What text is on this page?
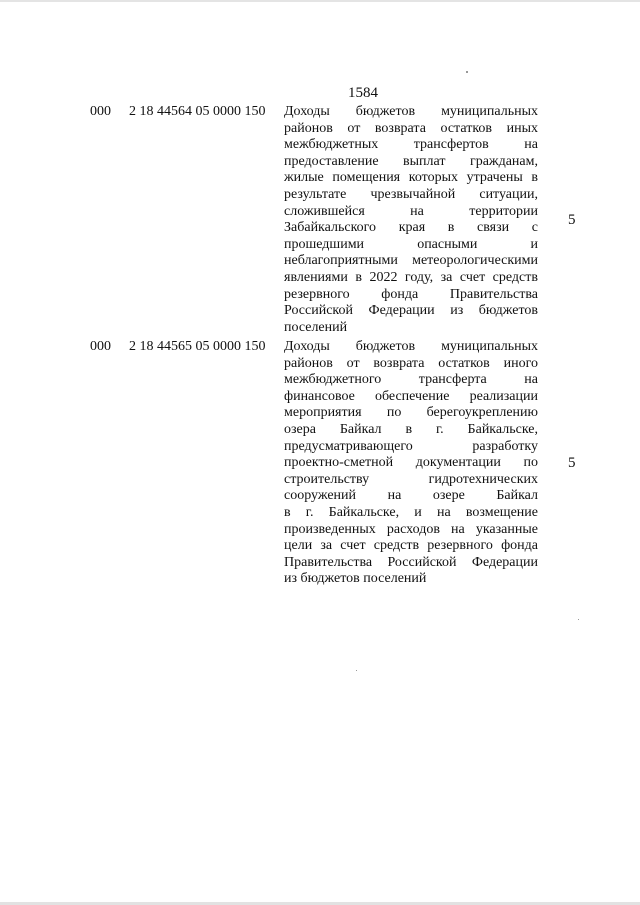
1584
000 2 18 44564 05 0000 150 Доходы бюджетов муниципальных
районов от возврата остатков иных
межбюджетных трансфертов на
предоставление выплат гражданам,
жилые помещения которых утрачены в
результате чрезвычайной ситуации,
сложившейся на территории
Забайкальского края в связи с
прошедшими опасными и
неблагоприятными метеорологическими
явлениями в 2022 году, за счет средств
резервного фонда Правительства
Российской Федерации из бюджетов
поселений
5
000 2 18 44565 05 0000 150 Доходы бюджетов муниципальных
районов от возврата остатков иного
межбюджетного трансферта на
финансовое обеспечение реализации
мероприятия по берегоукреплению
озера Байкал в г. Байкальске,
предусматривающего разработку
проектно-сметной документации по
строительству гидротехнических
сооружений на озере Байкал
в г. Байкальске, и на возмещение
произведенных расходов на указанные
цели за счет средств резервного фонда
Правительства Российской Федерации
из бюджетов поселений
5
